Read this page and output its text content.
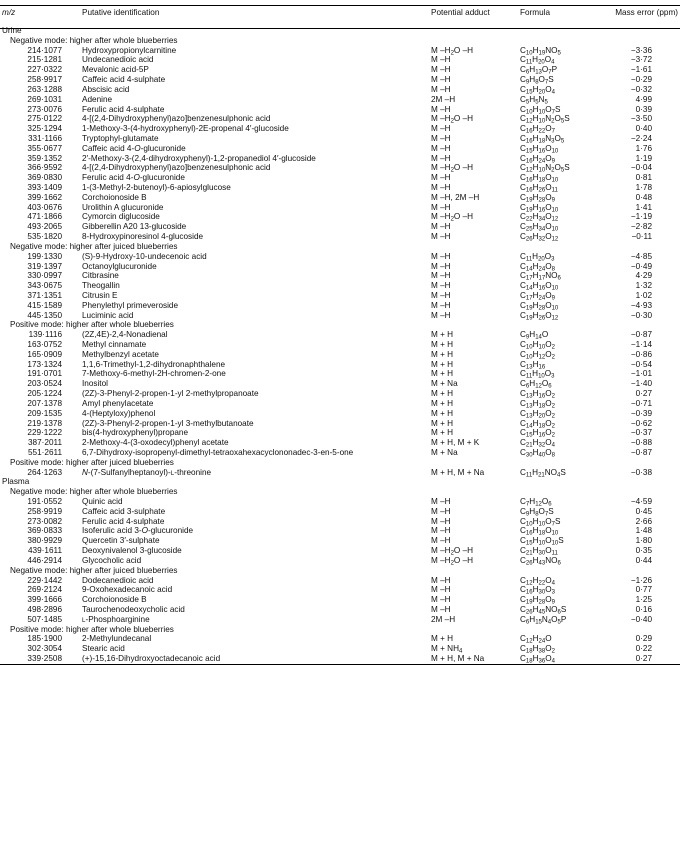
m/z	Putative identification	Potential adduct	Formula	Mass error (ppm)
Urine
Negative mode: higher after whole blueberries
214·1077 Hydroxypropionylcarnitine	M $-H_2O$ –H	$C_{10}H_{19}NO_5$	−3·36
215·1281 Undecanedioic acid	M –H	$C_{11}H_{20}O_4$	−3·72
227·0322 Mevalonic acid-5P	M –H	$C_6H_{13}O_7P$	−1·61
258·9917 Caffeic acid 4-sulphate	M –H	$C_9H_8O_7S$	−0·29
263·1288 Abscisic acid	M –H	$C_{15}H_{20}O_4$	−0·32
269·1031 Adenine	2M –H	$C_5H_5N_5$	4·99
273·0076 Ferulic acid 4-sulphate	M –H	$C_{10}H_{10}O_7S$	0·39
275·0122 4-[(2,4-Dihydroxyphenyl)azo]benzenesulphonic acid	M $-H_2O$ –H	$C_{12}H_{10}N_2O_5S$	−3·50
325·1294 1-Methoxy-3-(4-hydroxyphenyl)-2E-propenal 4′-glucoside	M –H	$C_{16}H_{22}O_7$	0·40
331·1166 Tryptophyl-glutamate	M –H	$C_{16}H_{18}N_3O_5$	−2·24
355·0677 Caffeic acid 4-O-glucuronide	M –H	$C_{15}H_{16}O_{10}$	1·76
359·1352 2′-Methoxy-3-(2,4-dihydroxyphenyl)-1,2-propanediol 4′-glucoside	M –H	$C_{16}H_{24}O_9$	1·19
366·9592 4-[(2,4-Dihydroxyphenyl)azo]benzenesulphonic acid	M $-H_2O$ –H	$C_{12}H_{10}N_2O_5S$	−0·04
369·0830 Ferulic acid 4-O-glucuronide	M –H	$C_{16}H_{18}O_{10}$	0·81
393·1409 1-(3-Methyl-2-butenoyl)-6-apiosylglucose	M –H	$C_{16}H_{26}O_{11}$	1·78
399·1662 Corchoionoside B	M –H, 2M –H	$C_{19}H_{28}O_9$	0·48
403·0676 Urolithin A glucuronide	M –H	$C_{19}H_{16}O_{10}$	1·41
471·1866 Cymorcin diglucoside	M $-H_2O$ –H	$C_{22}H_{34}O_{12}$	−1·19
493·2065 Gibberellin A20 13-glucoside	M –H	$C_{25}H_{34}O_{10}$	−2·82
535·1820 8-Hydroxypinoresinol 4-glucoside	M –H	$C_{26}H_{32}O_{12}$	−0·11
Negative mode: higher after juiced blueberries
199·1330 (S)-9-Hydroxy-10-undecenoic acid	M –H	$C_{11}H_{20}O_3$	−4·85
319·1397 Octanoylglucuronide	M –H	$C_{14}H_{24}O_8$	−0·49
330·0997 Citbrasine	M –H	$C_{17}H_{17}NO_6$	4·29
343·0675 Theogallin	M –H	$C_{14}H_{16}O_{10}$	1·32
371·1351 Citrusin E	M –H	$C_{17}H_{24}O_9$	1·02
415·1589 Phenylethyl primeveroside	M –H	$C_{19}H_{28}O_{10}$	−4·93
445·1350 Luciminic acid	M –H	$C_{19}H_{26}O_{12}$	−0·30
Positive mode: higher after whole blueberries
139·1116 (2Z,4E)-2,4-Nonadienal	M + H	$C_9H_{14}O$	−0·87
163·0752 Methyl cinnamate	M + H	$C_{10}H_{10}O_2$	−1·14
165·0909 Methylbenzyl acetate	M + H	$C_{10}H_{12}O_2$	−0·86
173·1324 1,1,6-Trimethyl-1,2-dihydronaphthalene	M + H	$C_{13}H_{16}$	−0·54
191·0701 7-Methoxy-6-methyl-2H-chromen-2-one	M + H	$C_{11}H_{10}O_3$	−1·01
203·0524 Inositol	M + Na	$C_6H_{12}O_6$	−1·40
205·1224 (2Z)-3-Phenyl-2-propen-1-yl 2-methylpropanoate	M + H	$C_{13}H_{16}O_2$	0·27
207·1378 Amyl phenylacetate	M + H	$C_{13}H_{18}O_2$	−0·71
209·1535 4-(Heptyloxy)phenol	M + H	$C_{13}H_{20}O_2$	−0·39
219·1378 (2Z)-3-Phenyl-2-propen-1-yl 3-methylbutanoate	M + H	$C_{14}H_{18}O_2$	−0·62
229·1222 bis(4-hydroxyphenyl)propane	M + H	$C_{15}H_{16}O_2$	−0·37
387·2011 2-Methoxy-4-(3-oxodecyl)phenyl acetate	M + H, M + K	$C_{21}H_{32}O_4$	−0·88
551·2611 6,7-Dihydroxy-isopropenyl-dimethyl-tetraoxahexacyclononadec-3-en-5-one	M + Na	$C_{30}H_{40}O_8$	−0·87
Positive mode: higher after juiced blueberries
264·1263 N-(7-Sulfanylheptanoyl)-L-threonine	M + H, M + Na	$C_{11}H_{21}NO_4S$	−0·38
Plasma
Negative mode: higher after whole blueberries
191·0552 Quinic acid	M –H	$C_7H_{12}O_6$	−4·59
258·9919 Caffeic acid 3-sulphate	M –H	$C_9H_8O_7S$	0·45
273·0082 Ferulic acid 4-sulphate	M –H	$C_{10}H_{10}O_7S$	2·66
369·0833 Isoferulic acid 3-O-glucuronide	M –H	$C_{16}H_{18}O_{10}$	1·48
380·9929 Quercetin 3′-sulphate	M –H	$C_{15}H_{10}O_{10}S$	1·80
439·1611 Deoxynivalenol 3-glucoside	M $-H_2O$ –H	$C_{21}H_{30}O_{11}$	0·35
446·2914 Glycocholic acid	M $-H_2O$ –H	$C_{26}H_{43}NO_6$	0·44
Negative mode: higher after juiced blueberries
229·1442 Dodecanedioic acid	M –H	$C_{12}H_{22}O_4$	−1·26
269·2124 9-Oxohexadecanoic acid	M –H	$C_{16}H_{30}O_3$	0·77
399·1666 Corchoionoside B	M –H	$C_{19}H_{28}O_9$	1·25
498·2896 Taurochenodeoxycholic acid	M –H	$C_{26}H_{45}NO_6S$	0·16
507·1485	L-Phosphoarginine	2M –H	$C_6H_{15}N_4O_5P$	−0·40
Positive mode: higher after whole blueberries
185·1900 2-Methylundecanal	M + H	$C_{12}H_{24}O$	0·29
302·3054 Stearic acid	$M + NH_4$	$C_{18}H_{38}O_2$	0·22
339·2508 (+)-15,16-Dihydroxyoctadecanoic acid	M + H, M + Na	$C_{18}H_{36}O_4$	0·27
